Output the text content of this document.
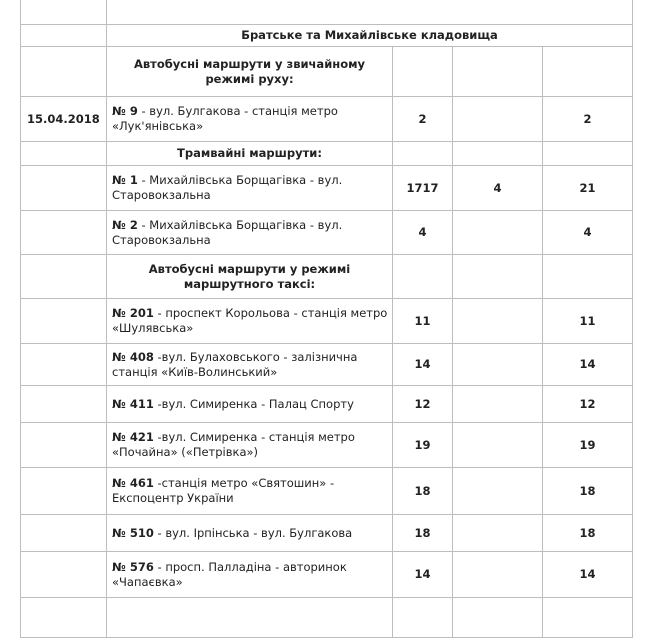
	Братське та Михайлівське кладовища			
	Автобусні маршрути у звичайному режимі руху:			
15.04.2018	№ 9 - вул. Булгакова - станція метро «Лук'янівська»	2		2
	Трамвайні маршрути:			
	№ 1 - Михайлівська Борщагівка - вул. Старовокзальна	1717	4	21
	№ 2 - Михайлівська Борщагівка - вул. Старовокзальна	4		4
	Автобусні маршрути у режимі маршрутного таксі:			
	№ 201 - проспект Корольова - станція метро «Шулявська»	11		11
	№ 408 -вул. Булаховського - залізнична станція «Київ-Волинський»	14		14
	№ 411 -вул. Симиренка - Палац Спорту	12		12
	№ 421 -вул. Симиренка - станція метро «Почайна» («Петрівка»)	19		19
	№ 461 -станція метро «Святошин» - Експоцентр України	18		18
	№ 510 - вул. Ірпінська - вул. Булгакова	18		18
	№ 576 - просп. Палладіна - авторинок «Чапаєвка»	14		14
